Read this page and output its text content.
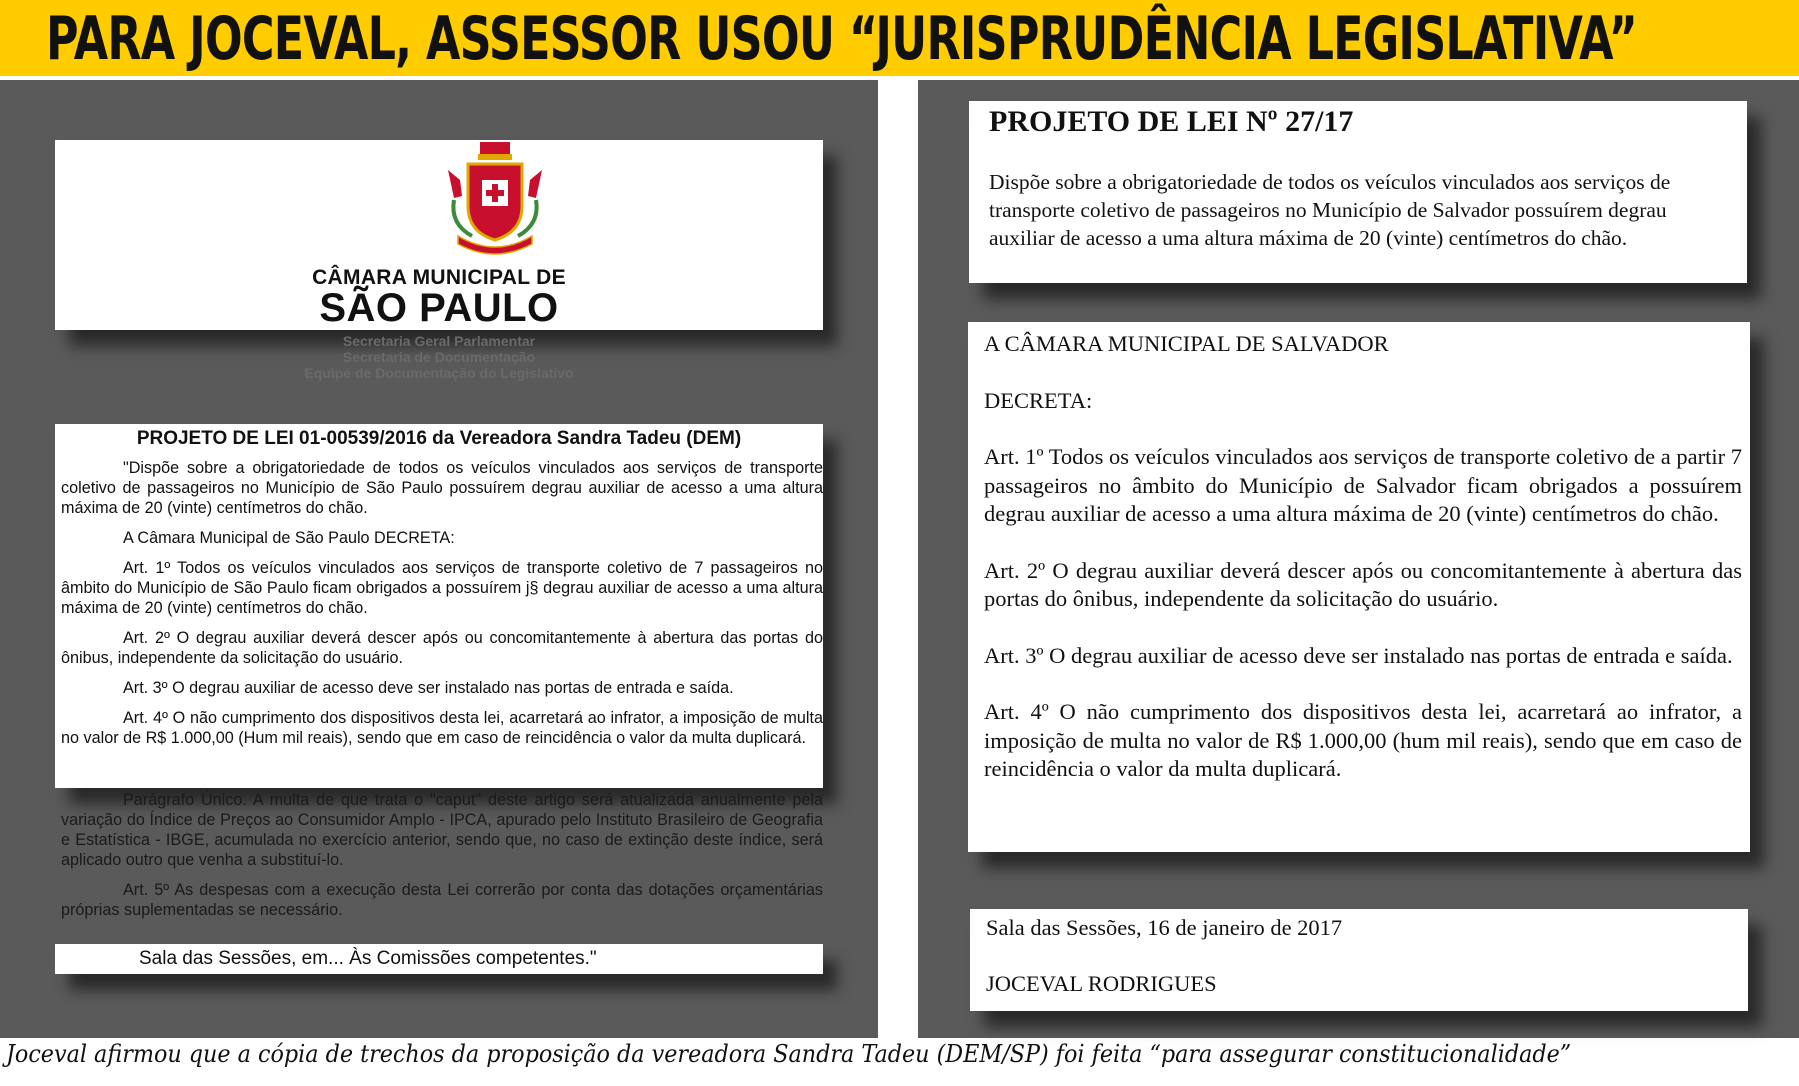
PARA JOCEVAL, ASSESSOR USOU “JURISPRUDÊNCIA LEGISLATIVA”
CÂMARA MUNICIPAL DE
SÃO PAULO
Secretaria Geral Parlamentar
Secretaria de Documentação
Equipe de Documentação do Legislativo
PROJETO DE LEI 01-00539/2016 da Vereadora Sandra Tadeu (DEM)

"Dispõe sobre a obrigatoriedade de todos os veículos vinculados aos serviços de transporte coletivo de passageiros no Município de São Paulo possuírem degrau auxiliar de acesso a uma altura máxima de 20 (vinte) centímetros do chão.

A Câmara Municipal de São Paulo DECRETA:

Art. 1º Todos os veículos vinculados aos serviços de transporte coletivo de 7 passageiros no âmbito do Município de São Paulo ficam obrigados a possuírem j§ degrau auxiliar de acesso a uma altura máxima de 20 (vinte) centímetros do chão.

Art. 2º O degrau auxiliar deverá descer após ou concomitantemente à abertura das portas do ônibus, independente da solicitação do usuário.

Art. 3º O degrau auxiliar de acesso deve ser instalado nas portas de entrada e saída.

Art. 4º O não cumprimento dos dispositivos desta lei, acarretará ao infrator, a imposição de multa no valor de R$ 1.000,00 (Hum mil reais), sendo que em caso de reincidência o valor da multa duplicará.

Parágrafo Único. A multa de que trata o "caput" deste artigo será atualizada anualmente pela variação do Índice de Preços ao Consumidor Amplo - IPCA, apurado pelo Instituto Brasileiro de Geografia e Estatística - IBGE, acumulada no exercício anterior, sendo que, no caso de extinção deste índice, será aplicado outro que venha a substituí-lo.

Art. 5º As despesas com a execução desta Lei correrão por conta das dotações orçamentárias próprias suplementadas se necessário.

Sala das Sessões, em... Às Comissões competentes."
PROJETO DE LEI Nº 27/17
Dispõe sobre a obrigatoriedade de todos os veículos vinculados aos serviços de transporte coletivo de passageiros no Município de Salvador possuírem degrau auxiliar de acesso a uma altura máxima de 20 (vinte) centímetros do chão.

A CÂMARA MUNICIPAL DE SALVADOR

DECRETA:

Art. 1º Todos os veículos vinculados aos serviços de transporte coletivo de a partir 7 passageiros no âmbito do Município de Salvador ficam obrigados a possuírem degrau auxiliar de acesso a uma altura máxima de 20 (vinte) centímetros do chão.

Art. 2º O degrau auxiliar deverá descer após ou concomitantemente à abertura das portas do ônibus, independente da solicitação do usuário.

Art. 3º O degrau auxiliar de acesso deve ser instalado nas portas de entrada e saída.

Art. 4º O não cumprimento dos dispositivos desta lei, acarretará ao infrator, a imposição de multa no valor de R$ 1.000,00 (hum mil reais), sendo que em caso de reincidência o valor da multa duplicará.

Sala das Sessões, 16 de janeiro de 2017
JOCEVAL RODRIGUES
Joceval afirmou que a cópia de trechos da proposição da vereadora Sandra Tadeu (DEM/SP) foi feita “para assegurar constitucionalidade”
